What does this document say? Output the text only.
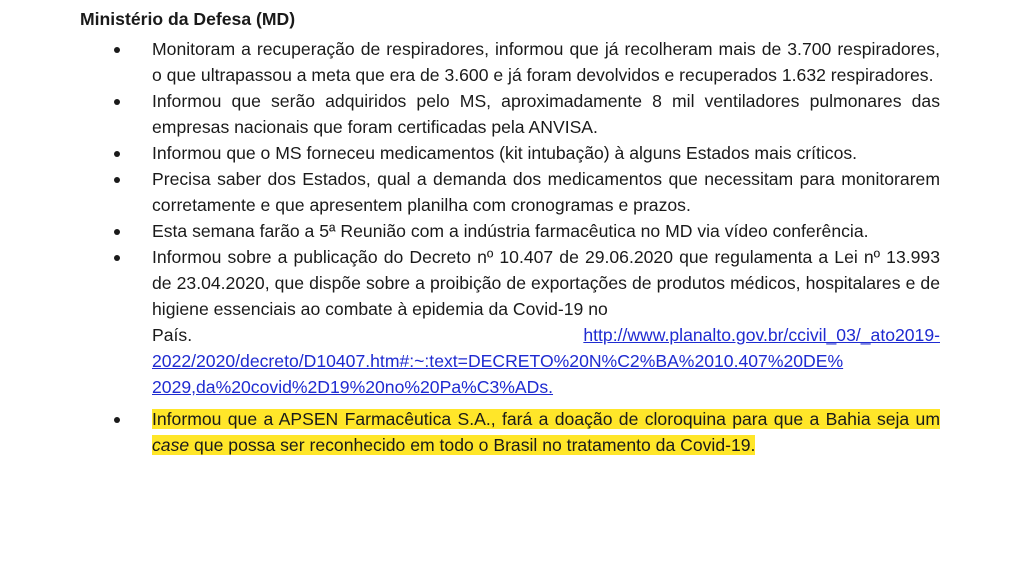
Ministério da Defesa (MD)
Monitoram a recuperação de respiradores, informou que já recolheram mais de 3.700 respiradores, o que ultrapassou a meta que era de 3.600 e já foram devolvidos e recuperados 1.632 respiradores.
Informou que serão adquiridos pelo MS, aproximadamente 8 mil ventiladores pulmonares das empresas nacionais que foram certificadas pela ANVISA.
Informou que o MS forneceu medicamentos (kit intubação) à alguns Estados mais críticos.
Precisa saber dos Estados, qual a demanda dos medicamentos que necessitam para monitorarem corretamente e que apresentem planilha com cronogramas e prazos.
Esta semana farão a 5ª Reunião com a indústria farmacêutica no MD via vídeo conferência.
Informou sobre a publicação do Decreto nº 10.407 de 29.06.2020 que regulamenta a Lei nº 13.993 de 23.04.2020, que dispõe sobre a proibição de exportações de produtos médicos, hospitalares e de higiene essenciais ao combate à epidemia da Covid-19 no
País.	http://www.planalto.gov.br/ccivil_03/_ato2019-
2022/2020/decreto/D10407.htm#:~:text=DECRETO%20N%C2%BA%2010.407%20DE%
2029,da%20covid%2D19%20no%20Pa%C3%ADs.
Informou que a APSEN Farmacêutica S.A., fará a doação de cloroquina para que a Bahia seja um case que possa ser reconhecido em todo o Brasil no tratamento da Covid-19.
